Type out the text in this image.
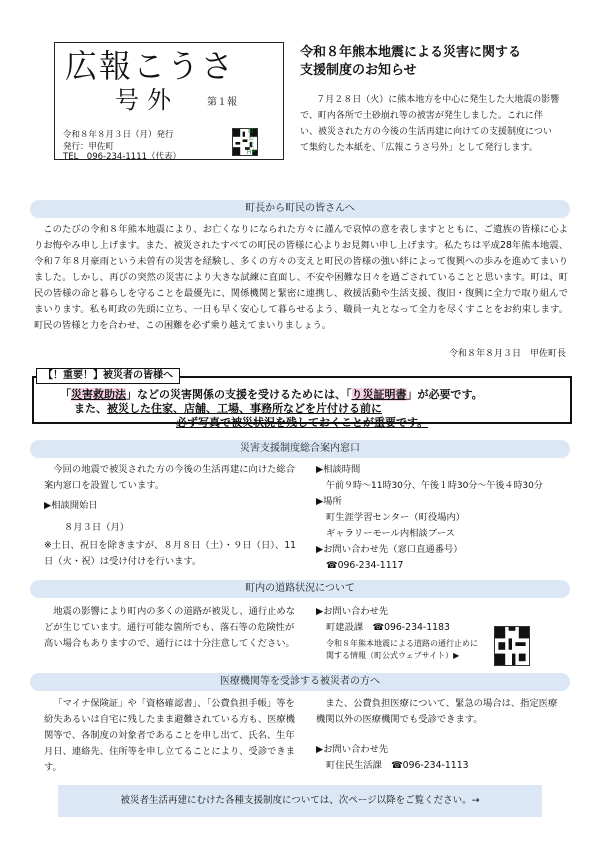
広報こうさ
号外	第１報
令和８年８月３日（月）発行
発行：甲佐町
TEL　096-234-1111（代表）
町公式HP
令和８年熊本地震による災害に関する
支援制度のお知らせ
７月２８日（火）に熊本地方を中心に発生した大地震の影響で、町内各所で土砂崩れ等の被害が発生しました。これに伴い、被災された方の今後の生活再建に向けての支援制度について集約した本紙を、「広報こうさ号外」として発行します。
町長から町民の皆さんへ
このたびの令和８年熊本地震により、お亡くなりになられた方々に謹んで哀悼の意を表しますとともに、ご遺族の皆様に心よりお悔やみ申し上げます。また、被災されたすべての町民の皆様に心よりお見舞い申し上げます。私たちは平成28年熊本地震、令和７年８月豪雨という未曽有の災害を経験し、多くの方々の支えと町民の皆様の強い絆によって復興への歩みを進めてまいりました。しかし、再びの突然の災害により大きな試練に直面し、不安や困難な日々を過ごされていることと思います。町は、町民の皆様の命と暮らしを守ることを最優先に、関係機関と緊密に連携し、救援活動や生活支援、復旧・復興に全力で取り組んでまいります。私も町政の先頭に立ち、一日も早く安心して暮らせるよう、職員一丸となって全力を尽くすことをお約束します。町民の皆様と力を合わせ、この困難を必ず乗り越えてまいりましょう。
令和８年８月３日　甲佐町長
【！重要！】被災者の皆様へ
「災害救助法」などの災害関係の支援を受けるためには、「り災証明書」が必要です。
また、被災した住家、店舗、工場、事務所などを片付ける前に
必ず写真で被災状況を残しておくことが重要です。
災害支援制度総合案内窓口
今回の地震で被災された方の今後の生活再建に向けた総合案内窓口を設置しています。
▶相談開始日
８月３日（月）
※土日、祝日を除きますが、８月８日（土）・９日（日）、11日（火・祝）は受け付けを行います。
▶相談時間
午前９時～11時30分、午後１時30分～午後４時30分
▶場所
町生涯学習センター（町役場内）
ギャラリーモール内相談ブース
▶お問い合わせ先（窓口直通番号）
☎096-234-1117
町内の道路状況について
地震の影響により町内の多くの道路が被災し、通行止めなどが生じています。通行可能な箇所でも、落石等の危険性が高い場合もありますので、通行には十分注意してください。
▶お問い合わせ先
町建設課　☎096-234-1183
令和８年熊本地震による道路の通行止めに関する情報（町公式ウェブサイト）▶
医療機関等を受診する被災者の方へ
「マイナ保険証」や「資格確認書」、「公費負担手帳」等を紛失あるいは自宅に残したまま避難されている方も、医療機関等で、各制度の対象者であることを申し出て、氏名、生年月日、連絡先、住所等を申し立てることにより、受診できます。
また、公費負担医療について、緊急の場合は、指定医療機関以外の医療機関でも受診できます。
▶お問い合わせ先
町住民生活課　☎096-234-1113
被災者生活再建にむけた各種支援制度については、次ページ以降をご覧ください。→
